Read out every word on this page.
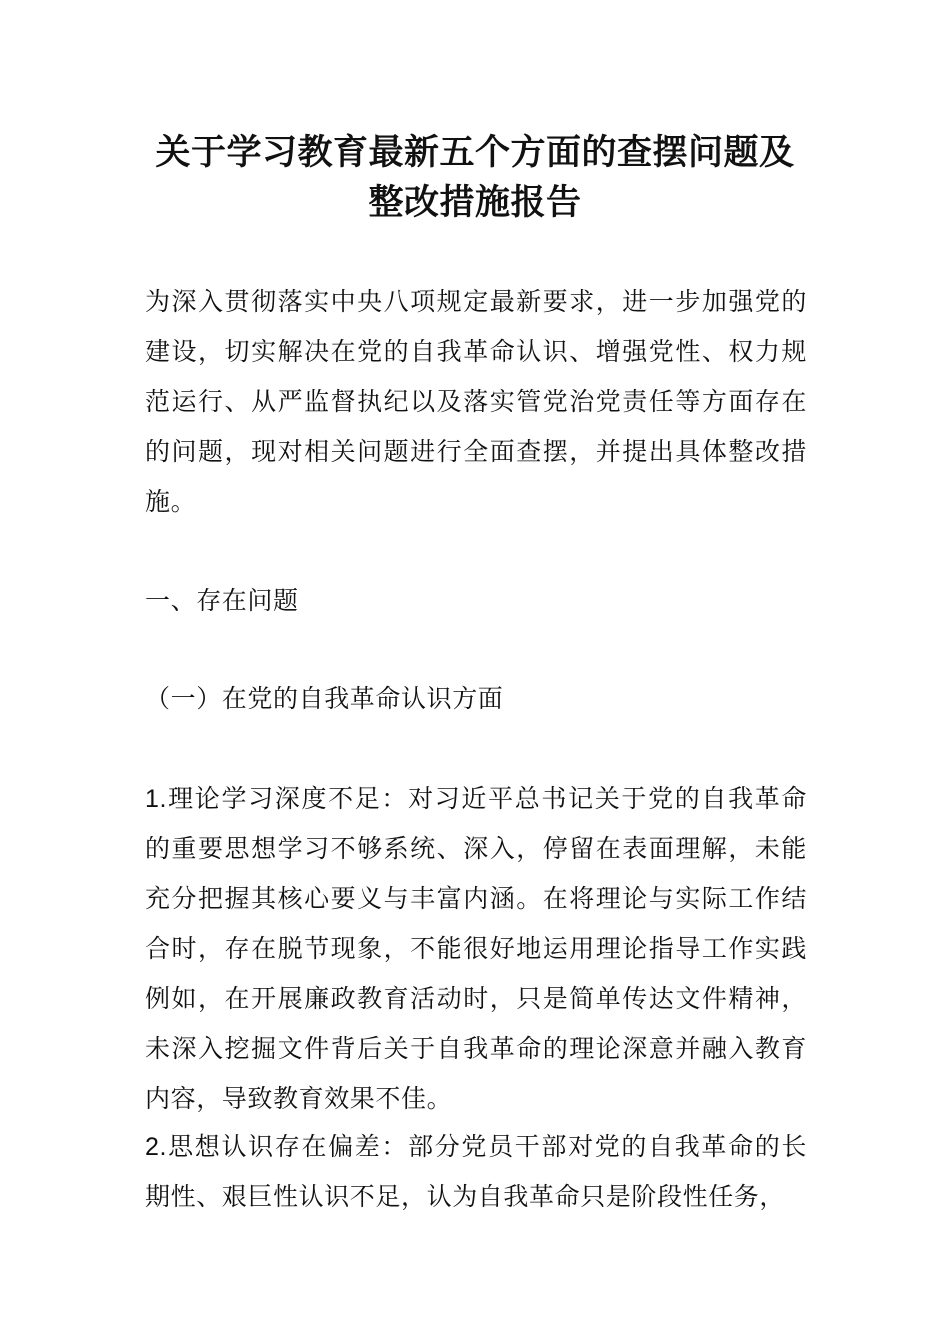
关于学习教育最新五个方面的查摆问题及
整改措施报告

为深入贯彻落实中央八项规定最新要求，进一步加强党的建设，切实解决在党的自我革命认识、增强党性、权力规范运行、从严监督执纪以及落实管党治党责任等方面存在的问题，现对相关问题进行全面查摆，并提出具体整改措施。

一、存在问题

（一）在党的自我革命认识方面

1.理论学习深度不足：对习近平总书记关于党的自我革命的重要思想学习不够系统、深入，停留在表面理解，未能充分把握其核心要义与丰富内涵。在将理论与实际工作结合时，存在脱节现象，不能很好地运用理论指导工作实践例如，在开展廉政教育活动时，只是简单传达文件精神，未深入挖掘文件背后关于自我革命的理论深意并融入教育内容，导致教育效果不佳。

2.思想认识存在偏差：部分党员干部对党的自我革命的长期性、艰巨性认识不足，认为自我革命只是阶段性任务，
